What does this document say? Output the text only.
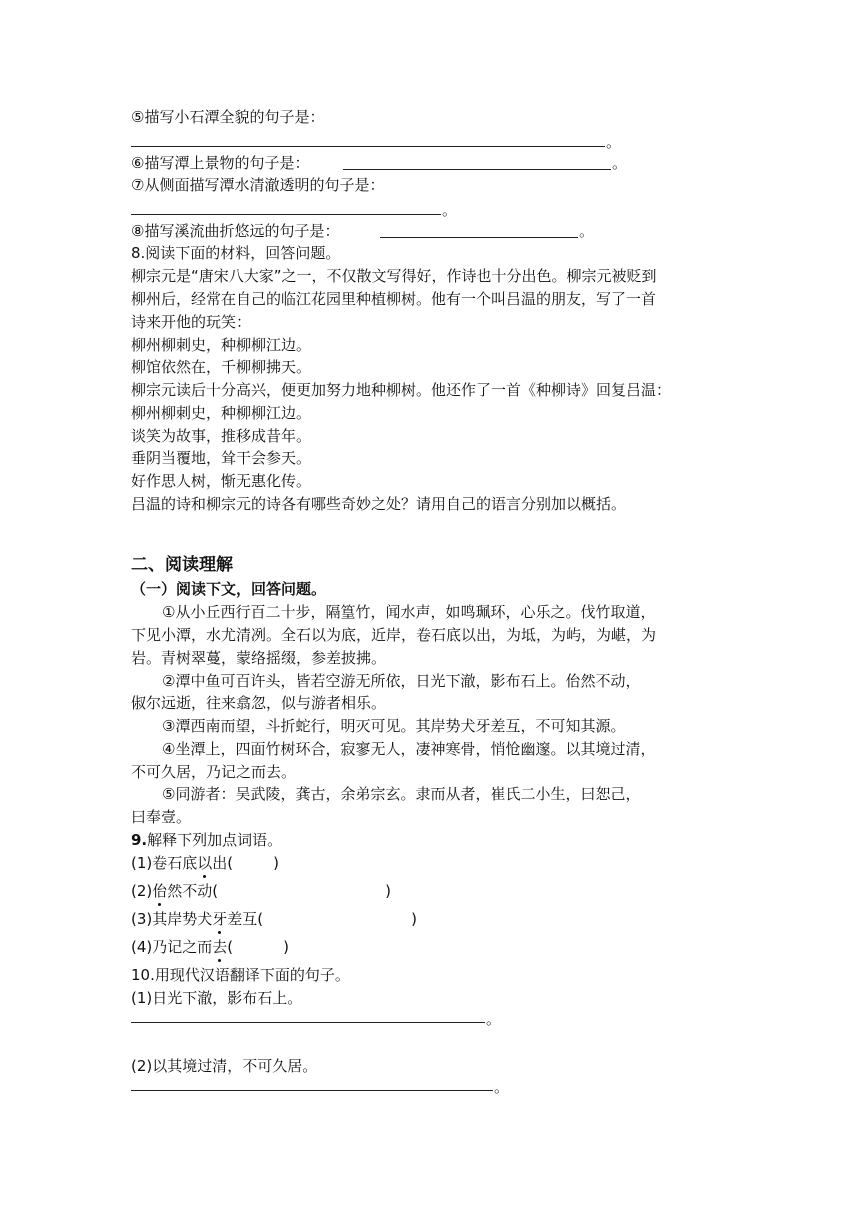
⑤描写小石潭全貌的句子是：
。
⑥描写潭上景物的句子是：	。
⑦从侧面描写潭水清澈透明的句子是：
。
⑧描写溪流曲折悠远的句子是：	。
8.阅读下面的材料，回答问题。
柳宗元是“唐宋八大家”之一，不仅散文写得好，作诗也十分出色。柳宗元被贬到
柳州后，经常在自己的临江花园里种植柳树。他有一个叫吕温的朋友，写了一首
诗来开他的玩笑：
柳州柳刺史，种柳柳江边。
柳馆依然在，千柳柳拂天。
柳宗元读后十分高兴，便更加努力地种柳树。他还作了一首《种柳诗》回复吕温：
柳州柳刺史，种柳柳江边。
谈笑为故事，推移成昔年。
垂阴当覆地，耸干会参天。
好作思人树，惭无惠化传。
吕温的诗和柳宗元的诗各有哪些奇妙之处？请用自己的语言分别加以概括。
二、阅读理解
（一）阅读下文，回答问题。
①从小丘西行百二十步，隔篁竹，闻水声，如鸣珮环，心乐之。伐竹取道，
下见小潭，水尤清冽。全石以为底，近岸，卷石底以出，为坻，为屿，为嵁，为
岩。青树翠蔓，蒙络摇缀，参差披拂。
②潭中鱼可百许头，皆若空游无所依，日光下澈，影布石上。佁然不动，
俶尔远逝，往来翕忽，似与游者相乐。
③潭西南而望，斗折蛇行，明灭可见。其岸势犬牙差互，不可知其源。
④坐潭上，四面竹树环合，寂寥无人，凄神寒骨，悄怆幽邃。以其境过清，
不可久居，乃记之而去。
⑤同游者：吴武陵，龚古，余弟宗玄。隶而从者，崔氏二小生，曰恕己，
曰奉壹。
9.解释下列加点词语。
(1)卷石底以出(	)
(2)佁然不动(	)
(3)其岸势犬牙差互(	)
(4)乃记之而去(	)
10.用现代汉语翻译下面的句子。
(1)日光下澈，影布石上。
。
(2)以其境过清，不可久居。
。
